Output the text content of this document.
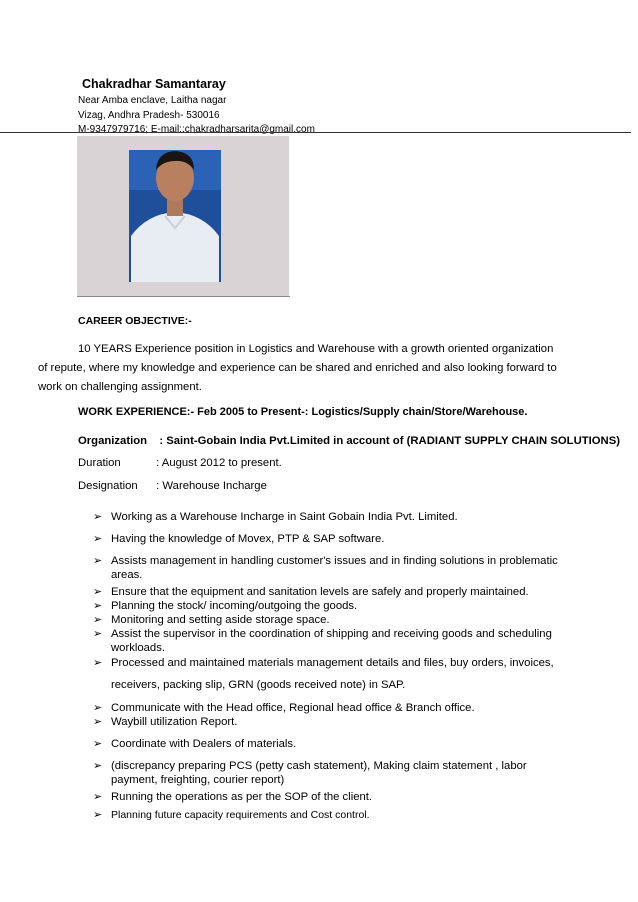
Chakradhar Samantaray
Near Amba enclave, Laitha nagar
Vizag, Andhra Pradesh- 530016
M-9347979716; E-mail::chakradharsarita@gmail.com
CAREER OBJECTIVE:-
10 YEARS Experience position in Logistics and Warehouse with a growth oriented organization of repute, where my knowledge and experience can be shared and enriched and also looking forward to work on challenging assignment.
WORK EXPERIENCE:- Feb 2005 to Present-: Logistics/Supply chain/Store/Warehouse.
Organization : Saint-Gobain India Pvt.Limited in account of (RADIANT SUPPLY CHAIN SOLUTIONS)
Duration	: August 2012 to present.
Designation : Warehouse Incharge
➢ Working as a Warehouse Incharge in Saint Gobain India Pvt. Limited.
➢ Having the knowledge of Movex, PTP & SAP software.
➢ Assists management in handling customer's issues and in finding solutions in problematic areas.
➢ Ensure that the equipment and sanitation levels are safely and properly maintained.
➢ Planning the stock/ incoming/outgoing the goods.
➢ Monitoring and setting aside storage space.
➢ Assist the supervisor in the coordination of shipping and receiving goods and scheduling workloads.
➢ Processed and maintained materials management details and files, buy orders, invoices,
receivers, packing slip, GRN (goods received note) in SAP.
➢ Communicate with the Head office, Regional head office & Branch office.
➢ Waybill utilization Report.
➢ Coordinate with Dealers of materials.
➢ (discrepancy preparing PCS (petty cash statement), Making claim statement , labor payment, freighting, courier report)
➢ Running the operations as per the SOP of the client.
➢ Planning future capacity requirements and Cost control.
